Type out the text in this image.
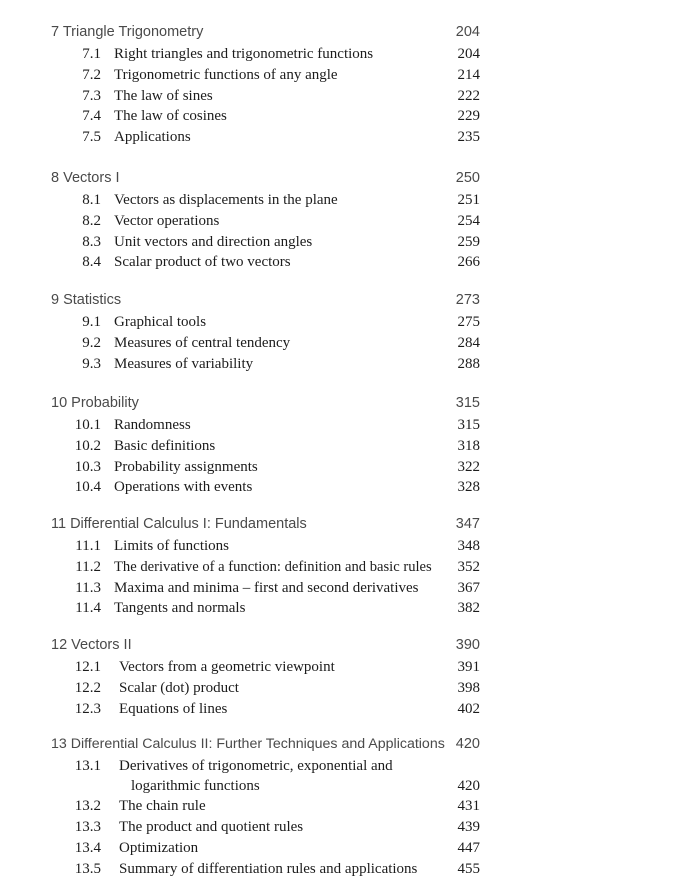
7 Triangle Trigonometry	204
7.1 Right triangles and trigonometric functions	204
7.2 Trigonometric functions of any angle	214
7.3 The law of sines	222
7.4 The law of cosines	229
7.5 Applications	235
8 Vectors I	250
8.1 Vectors as displacements in the plane	251
8.2 Vector operations	254
8.3 Unit vectors and direction angles	259
8.4 Scalar product of two vectors	266
9 Statistics	273
9.1 Graphical tools	275
9.2 Measures of central tendency	284
9.3 Measures of variability	288
10 Probability	315
10.1 Randomness	315
10.2 Basic definitions	318
10.3 Probability assignments	322
10.4 Operations with events	328
11 Differential Calculus I: Fundamentals	347
11.1 Limits of functions	348
11.2 The derivative of a function: definition and basic rules 352
11.3 Maxima and minima – first and second derivatives	367
11.4 Tangents and normals	382
12 Vectors II	390
12.1 Vectors from a geometric viewpoint	391
12.2 Scalar (dot) product	398
12.3 Equations of lines	402
13 Differential Calculus II: Further Techniques and Applications 420
13.1 Derivatives of trigonometric, exponential and
logarithmic functions	420
13.2 The chain rule	431
13.3 The product and quotient rules	439
13.4 Optimization	447
13.5 Summary of differentiation rules and applications	455
